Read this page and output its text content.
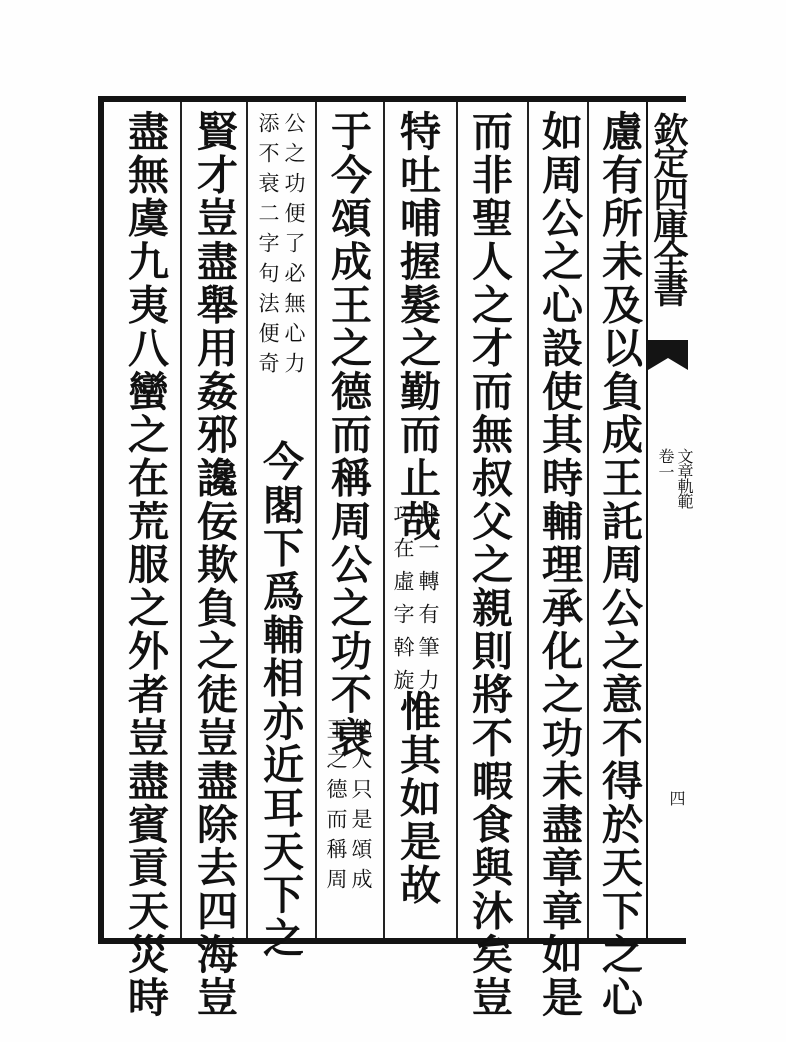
欽定四庫全書
文章軌範
卷一
四
慮有所未及以負成王託周公之意不得於天下之心
如周公之心設使其時輔理承化之功未盡章章如是
而非聖人之才而無叔父之親則將不暇食與沐矣豈
特吐哺握髮之勤而止哉
此一轉有筆力
巧在虛字斡旋
惟其如是故
于今頌成王之德而稱周公之功不衰
他人只是頌成
王之德而稱周
公之功便了必無心力
添不衰二字句法便奇
今閣下爲輔相亦近耳天下之
賢才豈盡舉用姦邪讒佞欺負之徒豈盡除去四海豈
盡無虞九夷八蠻之在荒服之外者豈盡賓貢天災時
